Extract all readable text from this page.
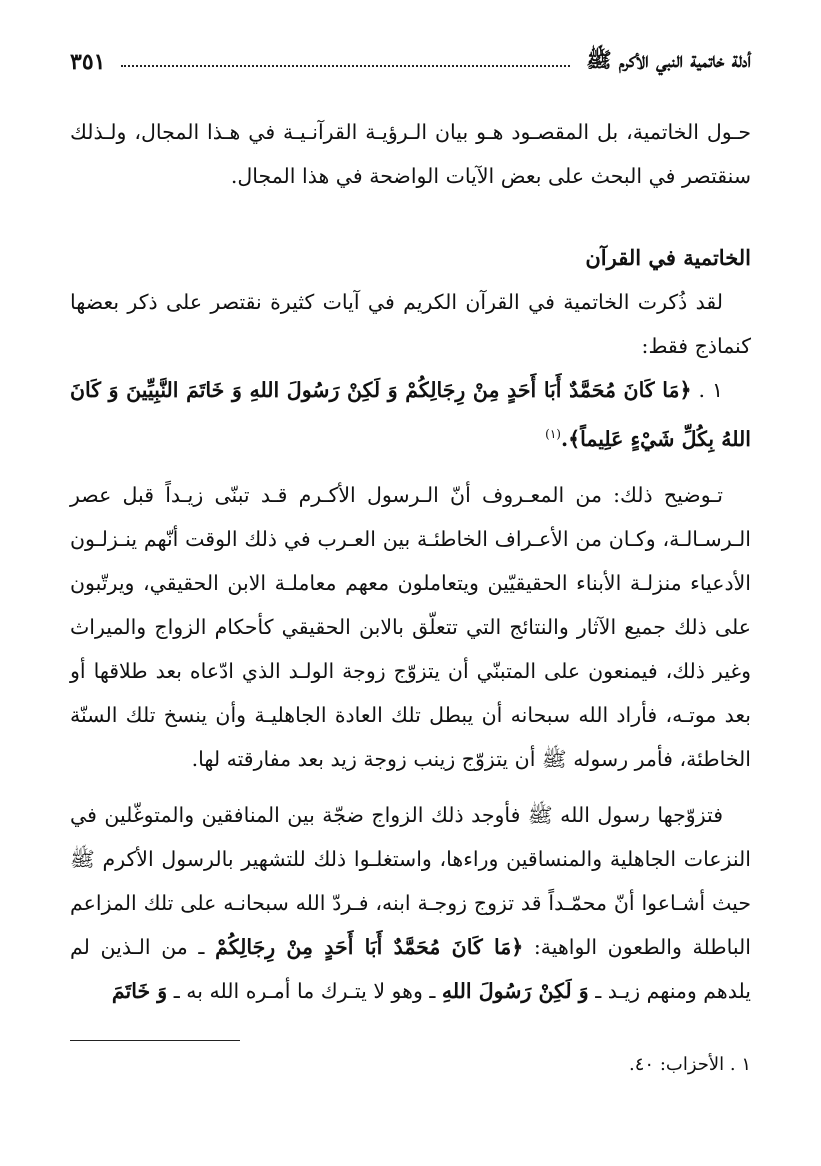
أدلة خاتمية النبي الأكرم ﷺ
٣٥١

حـول الخاتمية، بل المقصـود هـو بيان الـرؤيـة القرآنـيـة في هـذا المجال، ولـذلك سنقتصر في البحث على بعض الآيات الواضحة في هذا المجال.

الخاتمية في القرآن

لقد ذُكرت الخاتمية في القرآن الكريم في آيات كثيرة نقتصر على ذكر بعضها كنماذج فقط:

١ . ﴿مَا كَانَ مُحَمَّدٌ أَبَا أَحَدٍ مِنْ رِجَالِكُمْ وَ لَكِنْ رَسُولَ اللهِ وَ خَاتَمَ النَّبِيِّينَ وَ كَانَ اللهُ بِكُلِّ شَيْءٍ عَلِيماً﴾.$^{(١)}$

تـوضيح ذلك: من المعـروف أنّ الـرسول الأكـرم قـد تبنّى زيـداً قبل عصر الـرسـالـة، وكـان من الأعـراف الخاطئـة بين العـرب في ذلك الوقت أنّهم ينـزلـون الأدعياء منزلـة الأبناء الحقيقيّين ويتعاملون معهم معاملـة الابن الحقيقي، ويرتّبون على ذلك جميع الآثار والنتائج التي تتعلّق بالابن الحقيقي كأحكام الزواج والميراث وغير ذلك، فيمنعون على المتبنّي أن يتزوّج زوجة الولـد الذي ادّعاه بعد طلاقها أو بعد موتـه، فأراد الله سبحانه أن يبطل تلك العادة الجاهليـة وأن ينسخ تلك السنّة الخاطئة، فأمر رسوله ﷺ أن يتزوّج زينب زوجة زيد بعد مفارقته لها.

فتزوّجها رسول الله ﷺ فأوجد ذلك الزواج ضجّة بين المنافقين والمتوغّلين في النزعات الجاهلية والمنساقين وراءها، واستغلـوا ذلك للتشهير بالرسول الأكرم ﷺ حيث أشـاعوا أنّ محمّـداً قد تزوج زوجـة ابنه، فـردّ الله سبحانـه على تلك المزاعم الباطلة والطعون الواهية: ﴿مَا كَانَ مُحَمَّدٌ أَبَا أَحَدٍ مِنْ رِجَالِكُمْ ـ من الـذين لم يلدهم ومنهم زيـد ـ وَ لَكِنْ رَسُولَ اللهِ ـ وهو لا يتـرك ما أمـره الله به ـ وَ خَاتَمَ

١ . الأحزاب: ٤٠.
